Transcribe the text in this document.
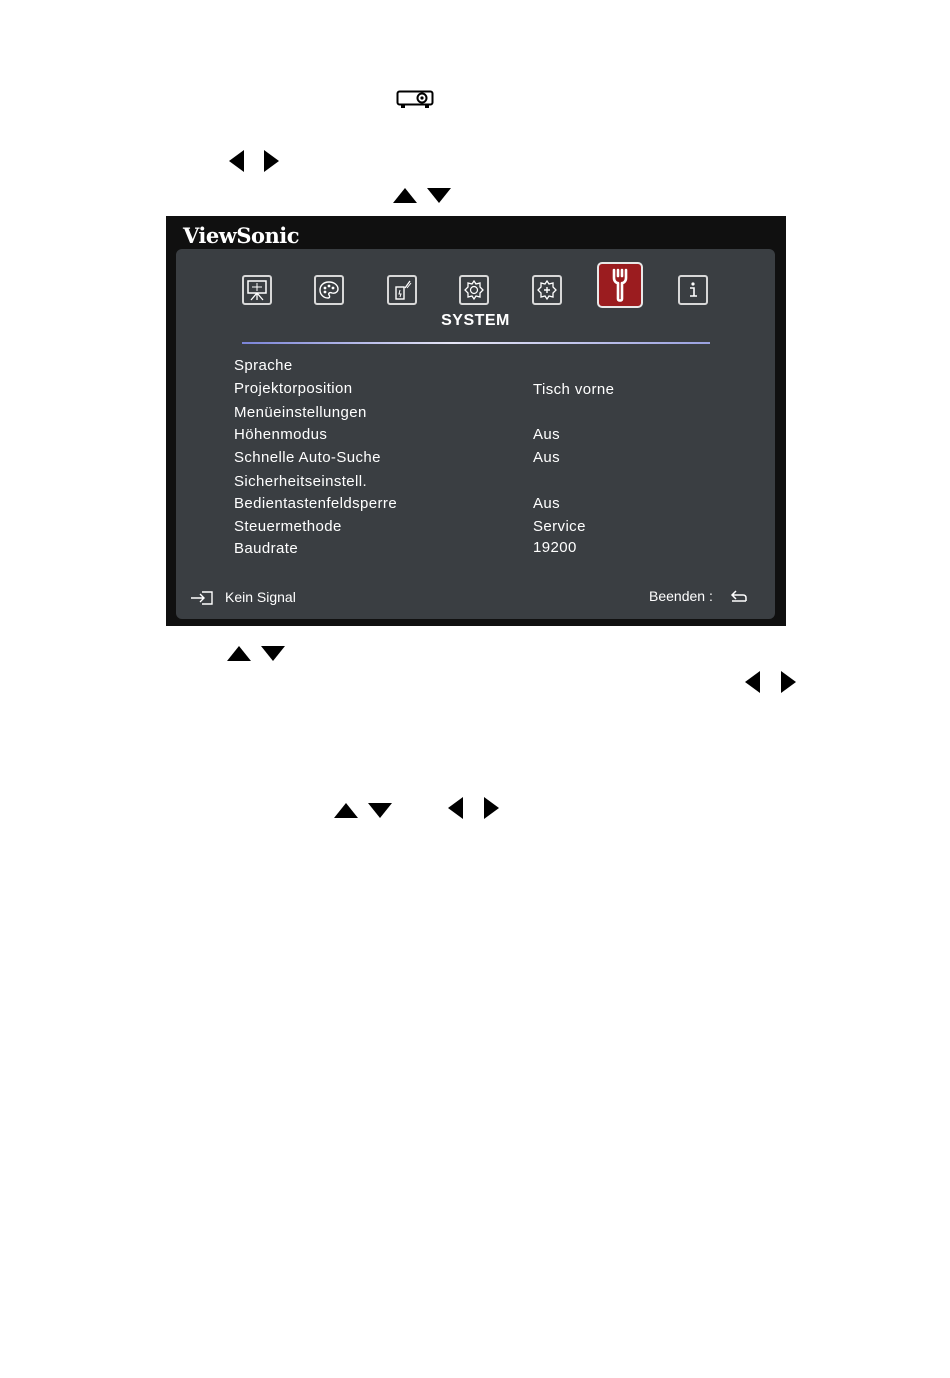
ViewSonic
SYSTEM
Sprache
Projektorposition	Tisch vorne
Menüeinstellungen
Höhenmodus	Aus
Schnelle Auto-Suche	Aus
Sicherheitseinstell.
Bedientastenfeldsperre	Aus
Steuermethode	Service
Baudrate	19200
Kein Signal	Beenden :
